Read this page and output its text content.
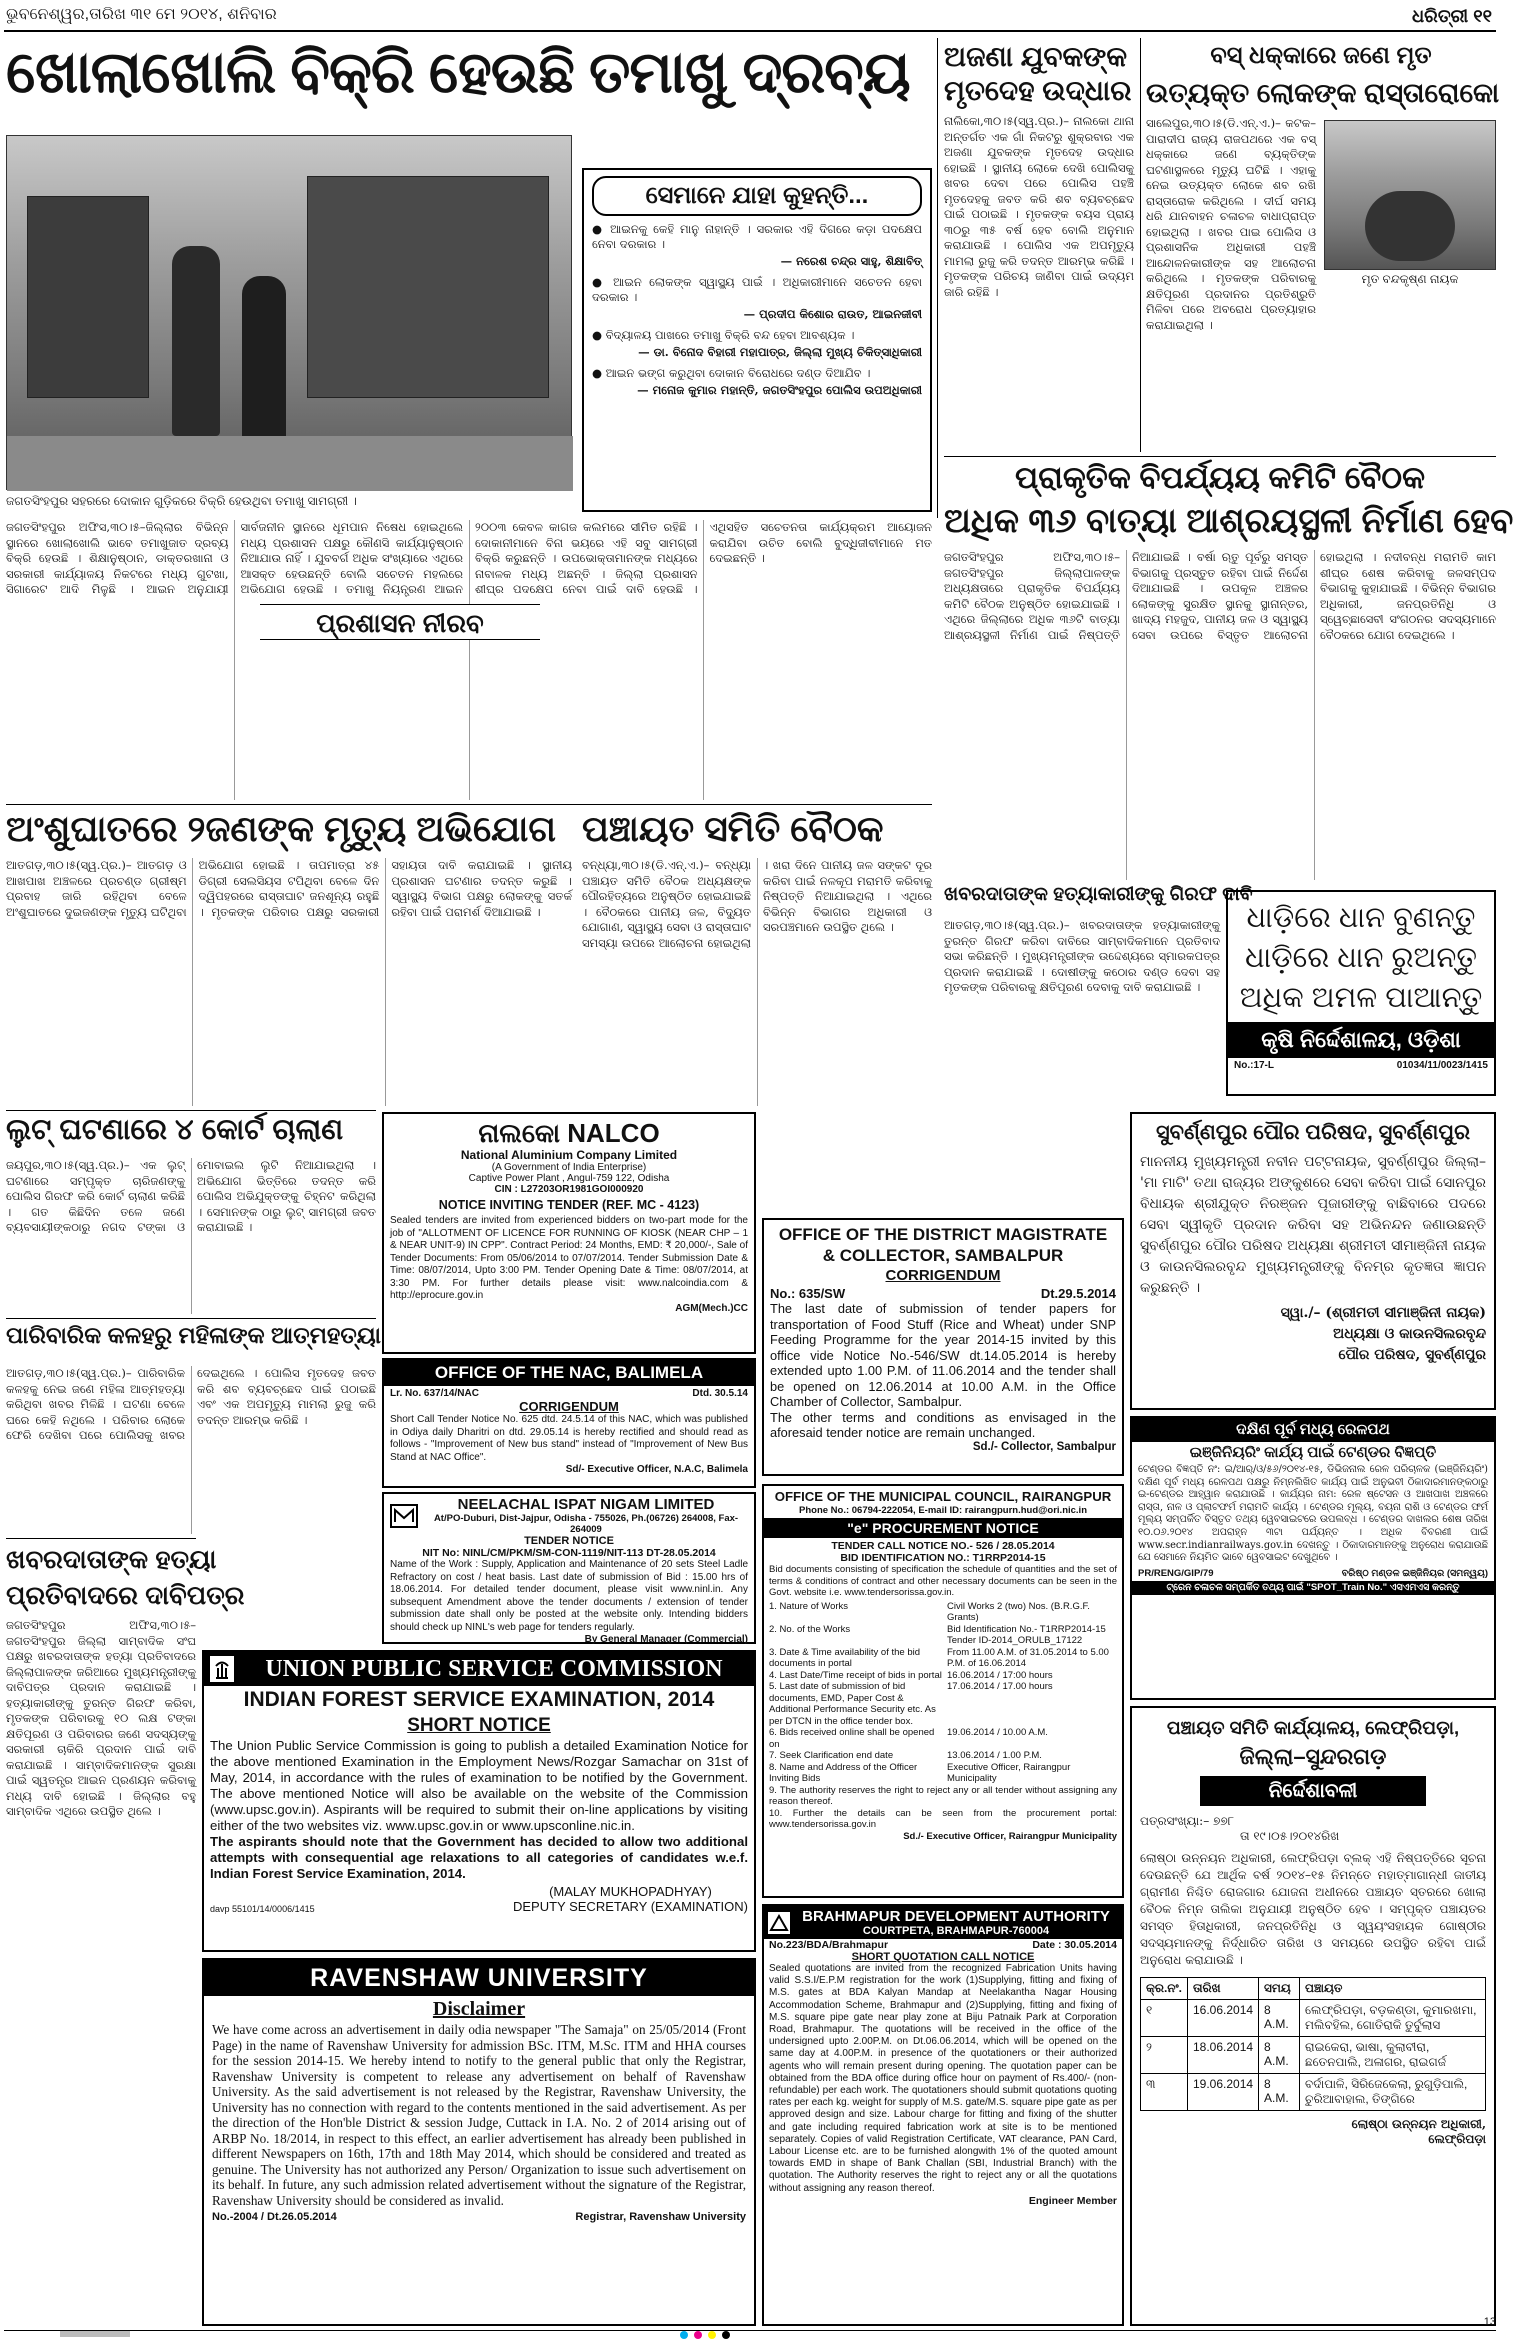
ଭୁବନେଶ୍ୱର,ତାରିଖ ୩୧ ମେ ୨୦୧୪, ଶନିବାର	ଧରିତ୍ରୀ ୧୧
ଖୋଲାଖୋଲି ବିକ୍ରି ହେଉଛି ତମାଖୁ ଦ୍ରବ୍ୟ
ଜଗତସିଂହପୁର ସହରରେ ଦୋକାନ ଗୁଡ଼ିକରେ ବିକ୍ରି ହେଉଥିବା ତମାଖୁ ସାମଗ୍ରୀ ।
ସେମାନେ ଯାହା କୁହନ୍ତି...

● ଆଇନକୁ କେହି ମାନୁ ନାହାନ୍ତି । ସରକାର ଏହି ଦିଗରେ କଡ଼ା ପଦକ୍ଷେପ ନେବା ଦରକାର ।

— ନରେଶ ଚନ୍ଦ୍ର ସାହୁ, ଶିକ୍ଷାବିତ୍

● ଆଇନ ଲୋକଙ୍କ ସ୍ୱାସ୍ଥ୍ୟ ପାଇଁ । ଅଧିକାରୀମାନେ ସଚେତନ ହେବା ଦରକାର ।

— ପ୍ରଦୀପ କିଶୋର ରାଉତ, ଆଇନଜୀବୀ

● ବିଦ୍ୟାଳୟ ପାଖରେ ତମାଖୁ ବିକ୍ରି ବନ୍ଦ ହେବା ଆବଶ୍ୟକ ।

— ଡା. ବିନୋଦ ବିହାରୀ ମହାପାତ୍ର, ଜିଲ୍ଲା ମୁଖ୍ୟ ଚିକିତ୍ସାଧିକାରୀ

● ଆଇନ ଭଙ୍ଗ କରୁଥିବା ଦୋକାନ ବିରୋଧରେ ଦଣ୍ଡ ଦିଆଯିବ ।

— ମନୋଜ କୁମାର ମହାନ୍ତି, ଜଗତସିଂହପୁର ପୋଲିସ ଉପଅଧିକାରୀ

ଜଗତସିଂହପୁର ଅଫିସ,୩୦।୫–ଜିଲ୍ଲାର ବିଭିନ୍ନ ସ୍ଥାନରେ ଖୋଲାଖୋଲି ଭାବେ ତମାଖୁଜାତ ଦ୍ରବ୍ୟ ବିକ୍ରି ହେଉଛି । ଶିକ୍ଷାନୁଷ୍ଠାନ, ଡାକ୍ତରଖାନା ଓ ସରକାରୀ କାର୍ଯ୍ୟାଳୟ ନିକଟରେ ମଧ୍ୟ ଗୁଟଖା, ସିଗାରେଟ ଆଦି ମିଳୁଛି । ଆଇନ ଅନୁଯାୟୀ ସାର୍ବଜନୀନ ସ୍ଥାନରେ ଧୂମପାନ ନିଷେଧ ହୋଇଥିଲେ ମଧ୍ୟ ପ୍ରଶାସନ ପକ୍ଷରୁ କୌଣସି କାର୍ଯ୍ୟାନୁଷ୍ଠାନ ନିଆଯାଉ ନାହିଁ । ଯୁବବର୍ଗ ଅଧିକ ସଂଖ୍ୟାରେ ଏଥିରେ ଆସକ୍ତ ହେଉଛନ୍ତି ବୋଲି ସଚେତନ ମହଲରେ ଅଭିଯୋଗ ହେଉଛି । ତମାଖୁ ନିୟନ୍ତ୍ରଣ ଆଇନ ୨୦୦୩ କେବଳ କାଗଜ କଲମରେ ସୀମିତ ରହିଛି । ଦୋକାନୀମାନେ ବିନା ଭୟରେ ଏହି ସବୁ ସାମଗ୍ରୀ ବିକ୍ରି କରୁଛନ୍ତି । ଉପଭୋକ୍ତାମାନଙ୍କ ମଧ୍ୟରେ ନାବାଳକ ମଧ୍ୟ ଅଛନ୍ତି । ଜିଲ୍ଲା ପ୍ରଶାସନ ଶୀଘ୍ର ପଦକ୍ଷେପ ନେବା ପାଇଁ ଦାବି ହେଉଛି । ଏଥିସହିତ ସଚେତନତା କାର୍ଯ୍ୟକ୍ରମ ଆୟୋଜନ କରାଯିବା ଉଚିତ ବୋଲି ବୁଦ୍ଧିଜୀବୀମାନେ ମତ ଦେଇଛନ୍ତି ।
ପ୍ରଶାସନ ନୀରବ
ଅଜଣା ଯୁବକଙ୍କ
ମୃତଦେହ ଉଦ୍ଧାର
ନାଲିକୋ,୩୦।୫(ସ୍ୱ.ପ୍ର.)– ନାଲକୋ ଥାନା ଅନ୍ତର୍ଗତ ଏକ ଗାଁ ନିକଟରୁ ଶୁକ୍ରବାର ଏକ ଅଜଣା ଯୁବକଙ୍କ ମୃତଦେହ ଉଦ୍ଧାର ହୋଇଛି । ସ୍ଥାନୀୟ ଲୋକେ ଦେଖି ପୋଲିସକୁ ଖବର ଦେବା ପରେ ପୋଲିସ ପହଞ୍ଚି ମୃତଦେହକୁ ଜବତ କରି ଶବ ବ୍ୟବଚ୍ଛେଦ ପାଇଁ ପଠାଇଛି । ମୃତକଙ୍କ ବୟସ ପ୍ରାୟ ୩୦ରୁ ୩୫ ବର୍ଷ ହେବ ବୋଲି ଅନୁମାନ କରାଯାଉଛି । ପୋଲିସ ଏକ ଅପମୃତ୍ୟୁ ମାମଲା ରୁଜୁ କରି ତଦନ୍ତ ଆରମ୍ଭ କରିଛି । ମୃତକଙ୍କ ପରିଚୟ ଜାଣିବା ପାଇଁ ଉଦ୍ୟମ ଜାରି ରହିଛି ।
ବସ୍ ଧକ୍କାରେ ଜଣେ ମୃତ
ଉତ୍ୟକ୍ତ ଲୋକଙ୍କ ରାସ୍ତାରୋକୋ
ସାଲେପୁର,୩୦।୫(ଡି.ଏନ୍.ଏ.)– କଟକ–ପାରାଦୀପ ରାଜ୍ୟ ରାଜପଥରେ ଏକ ବସ୍ ଧକ୍କାରେ ଜଣେ ବ୍ୟକ୍ତିଙ୍କ ଘଟଣାସ୍ଥଳରେ ମୃତ୍ୟୁ ଘଟିଛି । ଏହାକୁ ନେଇ ଉତ୍ୟକ୍ତ ଲୋକେ ଶବ ରଖି ରାସ୍ତାରୋକ କରିଥିଲେ । ଦୀର୍ଘ ସମୟ ଧରି ଯାନବାହନ ଚଳାଚଳ ବାଧାପ୍ରାପ୍ତ ହୋଇଥିଲା । ଖବର ପାଇ ପୋଲିସ ଓ ପ୍ରଶାସନିକ ଅଧିକାରୀ ପହଞ୍ଚି ଆନ୍ଦୋଳନକାରୀଙ୍କ ସହ ଆଲୋଚନା କରିଥିଲେ । ମୃତକଙ୍କ ପରିବାରକୁ କ୍ଷତିପୂରଣ ପ୍ରଦାନର ପ୍ରତିଶ୍ରୁତି ମିଳିବା ପରେ ଅବରୋଧ ପ୍ରତ୍ୟାହାର କରାଯାଇଥିଲା ।
ମୃତ ବନ୍ଦକୃଷ୍ଣ ନାୟକ
ପ୍ରାକୃତିକ ବିପର୍ଯ୍ୟୟ କମିଟି ବୈଠକ
ଅଧିକ ୩୬ ବାତ୍ୟା ଆଶ୍ରୟସ୍ଥଳୀ ନିର୍ମାଣ ହେବ
ଜଗତସିଂହପୁର ଅଫିସ,୩୦।୫– ଜଗତସିଂହପୁର ଜିଲ୍ଲାପାଳଙ୍କ ଅଧ୍ୟକ୍ଷତାରେ ପ୍ରାକୃତିକ ବିପର୍ଯ୍ୟୟ କମିଟି ବୈଠକ ଅନୁଷ୍ଠିତ ହୋଇଯାଇଛି । ଏଥିରେ ଜିଲ୍ଲାରେ ଅଧିକ ୩୬ଟି ବାତ୍ୟା ଆଶ୍ରୟସ୍ଥଳୀ ନିର୍ମାଣ ପାଇଁ ନିଷ୍ପତ୍ତି ନିଆଯାଇଛି । ବର୍ଷା ଋତୁ ପୂର୍ବରୁ ସମସ୍ତ ବିଭାଗକୁ ପ୍ରସ୍ତୁତ ରହିବା ପାଇଁ ନିର୍ଦ୍ଦେଶ ଦିଆଯାଇଛି । ଉପକୂଳ ଅଞ୍ଚଳର ଲୋକଙ୍କୁ ସୁରକ୍ଷିତ ସ୍ଥାନକୁ ସ୍ଥାନାନ୍ତର, ଖାଦ୍ୟ ମହଜୁଦ, ପାନୀୟ ଜଳ ଓ ସ୍ୱାସ୍ଥ୍ୟ ସେବା ଉପରେ ବିସ୍ତୃତ ଆଲୋଚନା ହୋଇଥିଲା । ନଦୀବନ୍ଧ ମରାମତି କାମ ଶୀଘ୍ର ଶେଷ କରିବାକୁ ଜଳସମ୍ପଦ ବିଭାଗକୁ କୁହାଯାଇଛି । ବିଭିନ୍ନ ବିଭାଗର ଅଧିକାରୀ, ଜନପ୍ରତିନିଧି ଓ ସ୍ୱେଚ୍ଛାସେବୀ ସଂଗଠନର ସଦସ୍ୟମାନେ ବୈଠକରେ ଯୋଗ ଦେଇଥିଲେ ।
ଅଂଶୁଘାତରେ ୨ଜଣଙ୍କ ମୃତ୍ୟୁ ଅଭିଯୋଗ
ଆତଗଡ଼,୩୦।୫(ସ୍ୱ.ପ୍ର.)– ଆତଗଡ଼ ଓ ଆଖପାଖ ଅଞ୍ଚଳରେ ପ୍ରଚଣ୍ଡ ଗ୍ରୀଷ୍ମ ପ୍ରବାହ ଜାରି ରହିଥିବା ବେଳେ ଅଂଶୁଘାତରେ ଦୁଇଜଣଙ୍କ ମୃତ୍ୟୁ ଘଟିଥିବା ଅଭିଯୋଗ ହୋଇଛି । ତାପମାତ୍ରା ୪୫ ଡିଗ୍ରୀ ସେଲସିୟସ ଟପିଥିବା ବେଳେ ଦିନ ଦ୍ୱିପହରରେ ରାସ୍ତାଘାଟ ଜନଶୂନ୍ୟ ରହୁଛି । ମୃତକଙ୍କ ପରିବାର ପକ୍ଷରୁ ସରକାରୀ ସହାୟତା ଦାବି କରାଯାଇଛି । ସ୍ଥାନୀୟ ପ୍ରଶାସନ ଘଟଣାର ତଦନ୍ତ କରୁଛି । ସ୍ୱାସ୍ଥ୍ୟ ବିଭାଗ ପକ୍ଷରୁ ଲୋକଙ୍କୁ ସତର୍କ ରହିବା ପାଇଁ ପରାମର୍ଶ ଦିଆଯାଇଛି ।
ପଞ୍ଚାୟତ ସମିତି ବୈଠକ
ବନ୍ଧ୍ୟା,୩୦।୫(ଡି.ଏନ୍.ଏ.)– ବନ୍ଧ୍ୟା ପଞ୍ଚାୟତ ସମିତି ବୈଠକ ଅଧ୍ୟକ୍ଷଙ୍କ ପୌରହିତ୍ୟରେ ଅନୁଷ୍ଠିତ ହୋଇଯାଇଛି । ବୈଠକରେ ପାନୀୟ ଜଳ, ବିଦ୍ୟୁତ ଯୋଗାଣ, ସ୍ୱାସ୍ଥ୍ୟ ସେବା ଓ ରାସ୍ତାଘାଟ ସମସ୍ୟା ଉପରେ ଆଲୋଚନା ହୋଇଥିଲା । ଖରା ଦିନେ ପାନୀୟ ଜଳ ସଙ୍କଟ ଦୂର କରିବା ପାଇଁ ନଳକୂପ ମରାମତି କରିବାକୁ ନିଷ୍ପତ୍ତି ନିଆଯାଇଥିଲା । ଏଥିରେ ବିଭିନ୍ନ ବିଭାଗର ଅଧିକାରୀ ଓ ସରପଞ୍ଚମାନେ ଉପସ୍ଥିତ ଥିଲେ ।
ଖବରଦାତାଙ୍କ ହତ୍ୟାକାରୀଙ୍କୁ ଗିରଫ ଦାବି
ଆତଗଡ଼,୩୦।୫(ସ୍ୱ.ପ୍ର.)– ଖବରଦାତାଙ୍କ ହତ୍ୟାକାରୀଙ୍କୁ ତୁରନ୍ତ ଗିରଫ କରିବା ଦାବିରେ ସାମ୍ବାଦିକମାନେ ପ୍ରତିବାଦ ସଭା କରିଛନ୍ତି । ମୁଖ୍ୟମନ୍ତ୍ରୀଙ୍କ ଉଦ୍ଦେଶ୍ୟରେ ସ୍ମାରକପତ୍ର ପ୍ରଦାନ କରାଯାଇଛି । ଦୋଷୀଙ୍କୁ କଠୋର ଦଣ୍ଡ ଦେବା ସହ ମୃତକଙ୍କ ପରିବାରକୁ କ୍ଷତିପୂରଣ ଦେବାକୁ ଦାବି କରାଯାଇଛି ।
ଧାଡ଼ିରେ ଧାନ ବୁଣନ୍ତୁ
ଧାଡ଼ିରେ ଧାନ ରୁଅନ୍ତୁ
ଅଧିକ ଅମଳ ପାଆନ୍ତୁ
କୃଷି ନିର୍ଦ୍ଦେଶାଳୟ, ଓଡ଼ିଶା
No.:17-L	01034/11/0023/1415
ଲୁଟ୍ ଘଟଣାରେ ୪ କୋର୍ଟ ଚାଲାଣ
ଜୟପୁର,୩୦।୫(ସ୍ୱ.ପ୍ର.)– ଏକ ଲୁଟ୍ ଘଟଣାରେ ସମ୍ପୃକ୍ତ ଚାରିଜଣଙ୍କୁ ପୋଲିସ ଗିରଫ କରି କୋର୍ଟ ଚାଲାଣ କରିଛି । ଗତ କିଛିଦିନ ତଳେ ଜଣେ ବ୍ୟବସାୟୀଙ୍କଠାରୁ ନଗଦ ଟଙ୍କା ଓ ମୋବାଇଲ ଲୁଟି ନିଆଯାଇଥିଲା । ଅଭିଯୋଗ ଭିତ୍ତିରେ ତଦନ୍ତ କରି ପୋଲିସ ଅଭିଯୁକ୍ତଙ୍କୁ ଚିହ୍ନଟ କରିଥିଲା । ସେମାନଙ୍କ ଠାରୁ ଲୁଟ୍ ସାମଗ୍ରୀ ଜବତ କରାଯାଇଛି ।
ପାରିବାରିକ କଳହରୁ ମହିଳାଙ୍କ ଆତ୍ମହତ୍ୟା
ଆତଗଡ଼,୩୦।୫(ସ୍ୱ.ପ୍ର.)– ପାରିବାରିକ କଳହକୁ ନେଇ ଜଣେ ମହିଳା ଆତ୍ମହତ୍ୟା କରିଥିବା ଖବର ମିଳିଛି । ଘଟଣା ବେଳେ ଘରେ କେହି ନଥିଲେ । ପରିବାର ଲୋକେ ଫେରି ଦେଖିବା ପରେ ପୋଲିସକୁ ଖବର ଦେଇଥିଲେ । ପୋଲିସ ମୃତଦେହ ଜବତ କରି ଶବ ବ୍ୟବଚ୍ଛେଦ ପାଇଁ ପଠାଇଛି ଏବଂ ଏକ ଅପମୃତ୍ୟୁ ମାମଲା ରୁଜୁ କରି ତଦନ୍ତ ଆରମ୍ଭ କରିଛି ।
ଖବରଦାତାଙ୍କ ହତ୍ୟା
ପ୍ରତିବାଦରେ ଦାବିପତ୍ର
ଜଗତସିଂହପୁର ଅଫିସ,୩୦।୫– ଜଗତସିଂହପୁର ଜିଲ୍ଲା ସାମ୍ବାଦିକ ସଂଘ ପକ୍ଷରୁ ଖବରଦାତାଙ୍କ ହତ୍ୟା ପ୍ରତିବାଦରେ ଜିଲ୍ଲାପାଳଙ୍କ ଜରିଆରେ ମୁଖ୍ୟମନ୍ତ୍ରୀଙ୍କୁ ଦାବିପତ୍ର ପ୍ରଦାନ କରାଯାଇଛି । ହତ୍ୟାକାରୀଙ୍କୁ ତୁରନ୍ତ ଗିରଫ କରିବା, ମୃତକଙ୍କ ପରିବାରକୁ ୧୦ ଲକ୍ଷ ଟଙ୍କା କ୍ଷତିପୂରଣ ଓ ପରିବାରର ଜଣେ ସଦସ୍ୟଙ୍କୁ ସରକାରୀ ଚାକିରି ପ୍ରଦାନ ପାଇଁ ଦାବି କରାଯାଇଛି । ସାମ୍ବାଦିକମାନଙ୍କ ସୁରକ୍ଷା ପାଇଁ ସ୍ୱତନ୍ତ୍ର ଆଇନ ପ୍ରଣୟନ କରିବାକୁ ମଧ୍ୟ ଦାବି ହୋଇଛି । ଜିଲ୍ଲାର ବହୁ ସାମ୍ବାଦିକ ଏଥିରେ ଉପସ୍ଥିତ ଥିଲେ ।
ନାଲକୋ NALCO
National Aluminium Company Limited
(A Government of India Enterprise)
Captive Power Plant , Angul-759 122, Odisha
CIN : L27203OR1981GOI000920
NOTICE INVITING TENDER (REF. MC - 4123)
Sealed tenders are invited from experienced bidders on two-part mode for the job of "ALLOTMENT OF LICENCE FOR RUNNING OF KIOSK (NEAR CHP – 1 & NEAR UNIT-9) IN CPP". Contract Period: 24 Months, EMD: ₹ 20,000/-, Sale of Tender Documents: From 05/06/2014 to 07/07/2014. Tender Submission Date & Time: 08/07/2014, Upto 3:00 PM. Tender Opening Date & Time: 08/07/2014, at 3:30 PM. For further details please visit: www.nalcoindia.com & http://eprocure.gov.in
AGM(Mech.)CC
OFFICE OF THE NAC, BALIMELA
Lr. No. 637/14/NAC	Dtd. 30.5.14
CORRIGENDUM
Short Call Tender Notice No. 625 dtd. 24.5.14 of this NAC, which was published in Odiya daily Dharitri on dtd. 29.05.14 is hereby rectified and should read as follows - "Improvement of New bus stand" instead of "Improvement of New Bus Stand at NAC Office".
Sd/- Executive Officer, N.A.C, Balimela
NEELACHAL ISPAT NIGAM LIMITED
At/PO-Duburi, Dist-Jajpur, Odisha - 755026, Ph.(06726) 264008, Fax- 264009
TENDER NOTICE
NIT No: NINL/CM/PKM/SM-CON-1119/NIT-113 DT-28.05.2014
Name of the Work : Supply, Application and Maintenance of 20 sets Steel Ladle Refractory on cost / heat basis. Last date of submission of Bid : 15.00 hrs of 18.06.2014. For detailed tender document, please visit www.ninl.in. Any subsequent Amendment above the tender documents / extension of tender submission date shall only be posted at the website only. Intending bidders should check up NINL's web page for tenders regularly.
By General Manager (Commercial)
UNION PUBLIC SERVICE COMMISSION
INDIAN FOREST SERVICE EXAMINATION, 2014
SHORT NOTICE
The Union Public Service Commission is going to publish a detailed Examination Notice for the above mentioned Examination in the Employment News/Rozgar Samachar on 31st of May, 2014, in accordance with the rules of examination to be notified by the Government. The above mentioned Notice will also be available on the website of the Commission (www.upsc.gov.in). Aspirants will be required to submit their on-line applications by visiting either of the two websites viz. www.upsc.gov.in or www.upsconline.nic.in.
The aspirants should note that the Government has decided to allow two additional attempts with consequential age relaxations to all categories of candidates w.e.f. Indian Forest Service Examination, 2014.
davp 55101/14/0006/1415
(MALAY MUKHOPADHYAY)
DEPUTY SECRETARY (EXAMINATION)
RAVENSHAW UNIVERSITY
Disclaimer
We have come across an advertisement in daily odia newspaper "The Samaja" on 25/05/2014 (Front Page) in the name of Ravenshaw University for admission BSc. ITM, M.Sc. ITM and HHA courses for the session 2014-15. We hereby intend to notify to the general public that only the Registrar, Ravenshaw University is competent to release any advertisement on behalf of Ravenshaw University. As the said advertisement is not released by the Registrar, Ravenshaw University, the University has no connection with regard to the contents mentioned in the said advertisement. As per the direction of the Hon'ble District & session Judge, Cuttack in I.A. No. 2 of 2014 arising out of ARBP No. 18/2014, in respect to this effect, an earlier advertisement has already been published in different Newspapers on 16th, 17th and 18th May 2014, which should be considered and treated as genuine. The University has not authorized any Person/ Organization to issue such advertisement on its behalf. In future, any such admission related advertisement without the signature of the Registrar, Ravenshaw University should be considered as invalid.
No.-2004 / Dt.26.05.2014	Registrar, Ravenshaw University
OFFICE OF THE DISTRICT MAGISTRATE
& COLLECTOR, SAMBALPUR
CORRIGENDUM
No.: 635/SW	Dt.29.5.2014
The last date of submission of tender papers for transportation of Food Stuff (Rice and Wheat) under SNP Feeding Programme for the year 2014-15 invited by this office vide Notice No.-546/SW dt.14.05.2014 is hereby extended upto 1.00 P.M. of 11.06.2014 and the tender shall be opened on 12.06.2014 at 10.00 A.M. in the Office Chamber of Collector, Sambalpur.
The other terms and conditions as envisaged in the aforesaid tender notice are remain unchanged.
Sd./- Collector, Sambalpur
OFFICE OF THE MUNICIPAL COUNCIL, RAIRANGPUR
Phone No.: 06794-222054, E-mail ID: rairangpurn.hud@ori.nic.in
"e" PROCUREMENT NOTICE
TENDER CALL NOTICE NO.- 526 / 28.05.2014
BID IDENTIFICATION NO.: T1RRP2014-15
Bid documents consisting of specification the schedule of quantities and the set of terms & conditions of contract and other necessary documents can be seen in the Govt. website i.e. www.tendersorissa.gov.in.
1. Nature of Works	Civil Works 2 (two) Nos. (B.R.G.F. Grants)
2. No. of the Works	Bid Identification No.- T1RRP2014-15 Tender ID-2014_ORULB_17122
3. Date & Time availability of the bid documents in portal
From 11.00 A.M. of 31.05.2014 to 5.00 P.M. of 16.06.2014
4. Last Date/Time receipt of bids in portal 16.06.2014 / 17:00 hours
5. Last date of submission of bid documents, EMD, Paper Cost & Additional Performance Security etc. As per DTCN in the office tender box.
17.06.2014 / 17.00 hours
6. Bids received online shall be opened on
19.06.2014 / 10.00 A.M.
7. Seek Clarification end date	13.06.2014 / 1.00 P.M.
8. Name and Address of the Officer Inviting Bids
Executive Officer, Rairangpur Municipality
9. The authority reserves the right to reject any or all tender without assigning any reason thereof.
10. Further the details can be seen from the procurement portal: www.tendersorissa.gov.in
Sd./- Executive Officer, Rairangpur Municipality
BRAHMAPUR DEVELOPMENT AUTHORITY
COURTPETA, BRAHMAPUR-760004
No.223/BDA/Brahmapur	Date : 30.05.2014
SHORT QUOTATION CALL NOTICE
Sealed quotations are invited from the recognized Fabrication Units having valid S.S.I/E.P.M registration for the work (1)Supplying, fitting and fixing of M.S. gates at BDA Kalyan Mandap at Neelakantha Nagar Housing Accommodation Scheme, Brahmapur and (2)Supplying, fitting and fixing of M.S. square pipe gate near play zone at Biju Patnaik Park at Corporation Road, Brahmapur. The quotations will be received in the office of the undersigned upto 2.00P.M. on Dt.06.06.2014, which will be opened on the same day at 4.00P.M. in presence of the quotationers or their authorized agents who will remain present during opening. The quotation paper can be obtained from the BDA office during office hour on payment of Rs.400/- (non-refundable) per each work. The quotationers should submit quotations quoting rates per each kg. weight for supply of M.S. gate/M.S. square pipe gate as per approved design and size. Labour charge for fitting and fixing of the shutter and gate including required fabrication work at site is to be mentioned separately. Copies of valid Registration Certificate, VAT clearance, PAN Card, Labour License etc. are to be furnished alongwith 1% of the quoted amount towards EMD in shape of Bank Challan (SBI, Industrial Branch) with the quotation. The Authority reserves the right to reject any or all the quotations without assigning any reason thereof.
Engineer Member
ସୁବର୍ଣ୍ଣପୁର ପୌର ପରିଷଦ, ସୁବର୍ଣ୍ଣପୁର
ମାନନୀୟ ମୁଖ୍ୟମନ୍ତ୍ରୀ ନବୀନ ପଟ୍ଟନାୟକ, ସୁବର୍ଣ୍ଣପୁର ଜିଲ୍ଲା– 'ମା ମାଟି' ତଥା ରାଜ୍ୟର ଅଙ୍କୁଶରେ ସେବା କରିବା ପାଇଁ ସୋନପୁର ବିଧାୟକ ଶ୍ରୀଯୁକ୍ତ ନିରଞ୍ଜନ ପୂଜାରୀଙ୍କୁ ବାଛିବାରେ ପଦରେ ସେବା ସ୍ୱୀକୃତି ପ୍ରଦାନ କରିବା ସହ ଅଭିନନ୍ଦନ ଜଣାଉଛନ୍ତି ସୁବର୍ଣ୍ଣପୁର ପୌର ପରିଷଦ ଅଧ୍ୟକ୍ଷା ଶ୍ରୀମତୀ ସୀମାଞ୍ଜିନୀ ନାୟକ ଓ କାଉନସିଲରବୃନ୍ଦ ମୁଖ୍ୟମନ୍ତ୍ରୀଙ୍କୁ ବିନମ୍ର କୃତଜ୍ଞତା ଜ୍ଞାପନ କରୁଛନ୍ତି ।
ସ୍ୱା./– (ଶ୍ରୀମତୀ ସୀମାଞ୍ଜିନୀ ନାୟକ)
ଅଧ୍ୟକ୍ଷା ଓ କାଉନସିଲରବୃନ୍ଦ
ପୌର ପରିଷଦ, ସୁବର୍ଣ୍ଣପୁର
ଦକ୍ଷିଣ ପୂର୍ବ ମଧ୍ୟ ରେଳପଥ
ଇଞ୍ଜିନିୟରିଂ କାର୍ଯ୍ୟ ପାଇଁ ଟେଣ୍ଡର ବିଜ୍ଞପ୍ତି
ଟେଣ୍ଡର ବିଜ୍ଞପ୍ତି ନଂ: ଇ/ଆର୍/ଓ/୫୬/୨୦୧୪-୧୫, ଡିଭିଜନାଲ ରେଳ ପରିଚାଳକ (ଇଞ୍ଜିନିୟରିଂ) ଦକ୍ଷିଣ ପୂର୍ବ ମଧ୍ୟ ରେଳପଥ ପକ୍ଷରୁ ନିମ୍ନଲିଖିତ କାର୍ଯ୍ୟ ପାଇଁ ଅନୁଭବୀ ଠିକାଦାରମାନଙ୍କଠାରୁ ଇ-ଟେଣ୍ଡର ଆହ୍ୱାନ କରାଯାଉଛି । କାର୍ଯ୍ୟର ନାମ: ରେଳ ଷ୍ଟେସନ ଓ ଆଖପାଖ ଅଞ୍ଚଳରେ ରାସ୍ତା, ନାଳ ଓ ପ୍ଲାଟଫର୍ମ ମରାମତି କାର୍ଯ୍ୟ । ଟେଣ୍ଡର ମୂଲ୍ୟ, ବୟନା ରାଶି ଓ ଟେଣ୍ଡର ଫର୍ମ ମୂଲ୍ୟ ସମ୍ପର୍କିତ ବିସ୍ତୃତ ତଥ୍ୟ ୱେବସାଇଟରେ ଉପଲବ୍ଧ । ଟେଣ୍ଡର ଦାଖଲର ଶେଷ ତାରିଖ ୧୦.୦୬.୨୦୧୪ ଅପରାହ୍ନ ୩ଟା ପର୍ଯ୍ୟନ୍ତ । ଅଧିକ ବିବରଣୀ ପାଇଁ www.secr.indianrailways.gov.in ଦେଖନ୍ତୁ । ଠିକାଦାରମାନଙ୍କୁ ଅନୁରୋଧ କରାଯାଉଛି ଯେ ସେମାନେ ନିୟମିତ ଭାବେ ୱେବସାଇଟ ଦେଖୁଥିବେ ।
PR/RENG/GIP/79	ବରିଷ୍ଠ ମଣ୍ଡଳ ଇଞ୍ଜିନିୟର (ସମନ୍ୱୟ)
ଟ୍ରେନ ଚଳାଚଳ ସମ୍ପର୍କିତ ତଥ୍ୟ ପାଇଁ "SPOT_Train No." ଏସଏମଏସ କରନ୍ତୁ
ପଞ୍ଚାୟତ ସମିତି କାର୍ଯ୍ୟାଳୟ, ଲେଫ୍ରିପଡ଼ା,
ଜିଲ୍ଲା–ସୁନ୍ଦରଗଡ଼
ନିର୍ଦ୍ଦେଶାବଳୀ
ପତ୍ରସଂଖ୍ୟା:– ୭୭୮
ତା ୧୯।୦୫।୨୦୧୪ରିଖ
ଲୋଷ୍ଠା ଉନ୍ନୟନ ଅଧିକାରୀ, ଲେଫ୍ରିପଡ଼ା ବ୍ଲକ୍ ଏହି ନିଷ୍ପତ୍ତିରେ ସୂଚନା ଦେଉଛନ୍ତି ଯେ ଆର୍ଥିକ ବର୍ଷ ୨୦୧୪–୧୫ ନିମନ୍ତେ ମହାତ୍ମାଗାନ୍ଧୀ ଜାତୀୟ ଗ୍ରାମୀଣ ନିଶ୍ଚିତ ରୋଜଗାର ଯୋଜନା ଅଧୀନରେ ପଞ୍ଚାୟତ ସ୍ତରରେ ଖୋଲା ବୈଠକ ନିମ୍ନ ତାଲିକା ଅନୁଯାୟୀ ଅନୁଷ୍ଠିତ ହେବ । ସମ୍ପୃକ୍ତ ପଞ୍ଚାୟତର ସମସ୍ତ ହିତାଧିକାରୀ, ଜନପ୍ରତିନିଧି ଓ ସ୍ୱୟଂସହାୟକ ଗୋଷ୍ଠୀର ସଦସ୍ୟମାନଙ୍କୁ ନିର୍ଦ୍ଧାରିତ ତାରିଖ ଓ ସମୟରେ ଉପସ୍ଥିତ ରହିବା ପାଇଁ ଅନୁରୋଧ କରାଯାଉଛି ।
କ୍ର.ନଂ.	ତାରିଖ	ସମୟ	ପଞ୍ଚାୟତ
୧	16.06.2014	8 A.M.	ଲେଫ୍ରିପଡ଼ା, ବଡ଼କଣ୍ଡା, କୁମାରଖମା, ମଲିବହିଲ, ଗୋତିରାକି ତୁର୍ବୁଲାସ
୨	18.06.2014	8 A.M.	ରାଇକେରା, ଭାଷା, କୁଲାବୀରା, ଛତେନପାଲି, ଅଳାଗର, ରାଇଗର୍ଜ
୩	19.06.2014	8 A.M.	ବର୍ଦାପାଳି, ସିରିଜେକେଲା, ରୁଗୁଡ଼ିପାଲି, ଚୁରିଆବାହାଲ, ତିଙ୍ଗିରେ
ଲୋଷ୍ଠା ଉନ୍ନୟନ ଅଧିକାରୀ,
ଲେଫ୍ରିପଡ଼ା
13
